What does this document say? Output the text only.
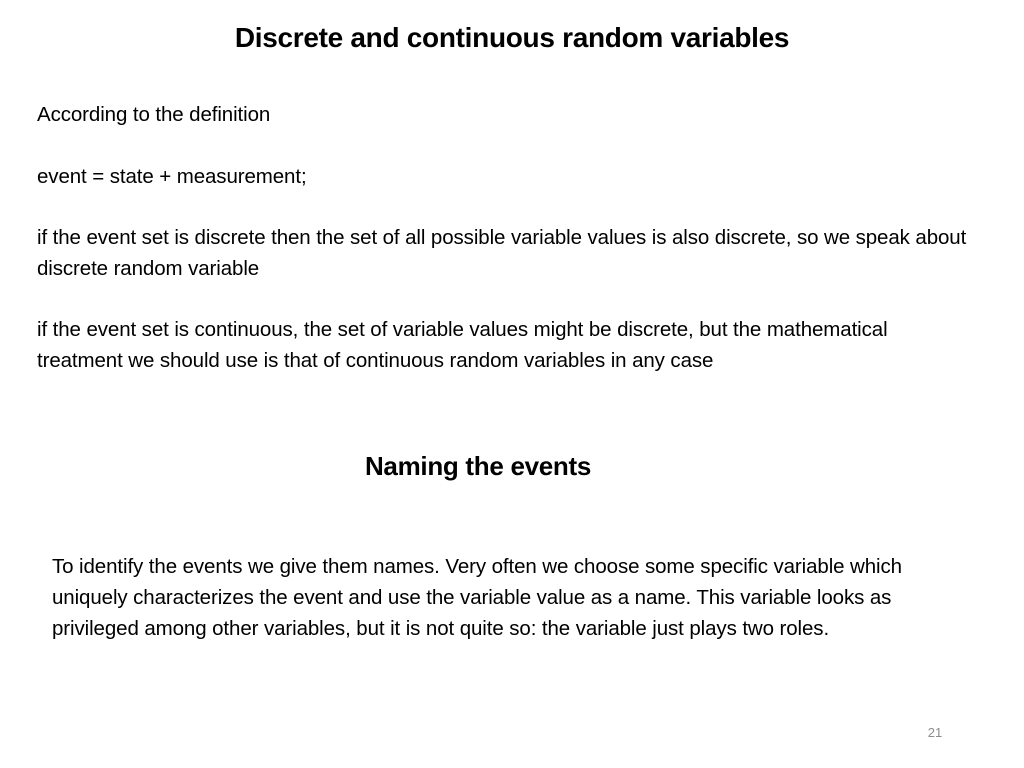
Discrete and continuous random variables

According to the definition

event = state + measurement;

if the event set is discrete then the set of all possible variable values is also discrete, so we speak about discrete random variable

if the event set is continuous, the set of variable values might be discrete, but the mathematical treatment we should use is that of continuous random variables in any case

Naming the events
To identify the events we give them names. Very often we choose some specific variable which uniquely characterizes the event and use the variable value as a name. This variable looks as privileged among other variables, but it is not quite so: the variable just plays two roles.
21
